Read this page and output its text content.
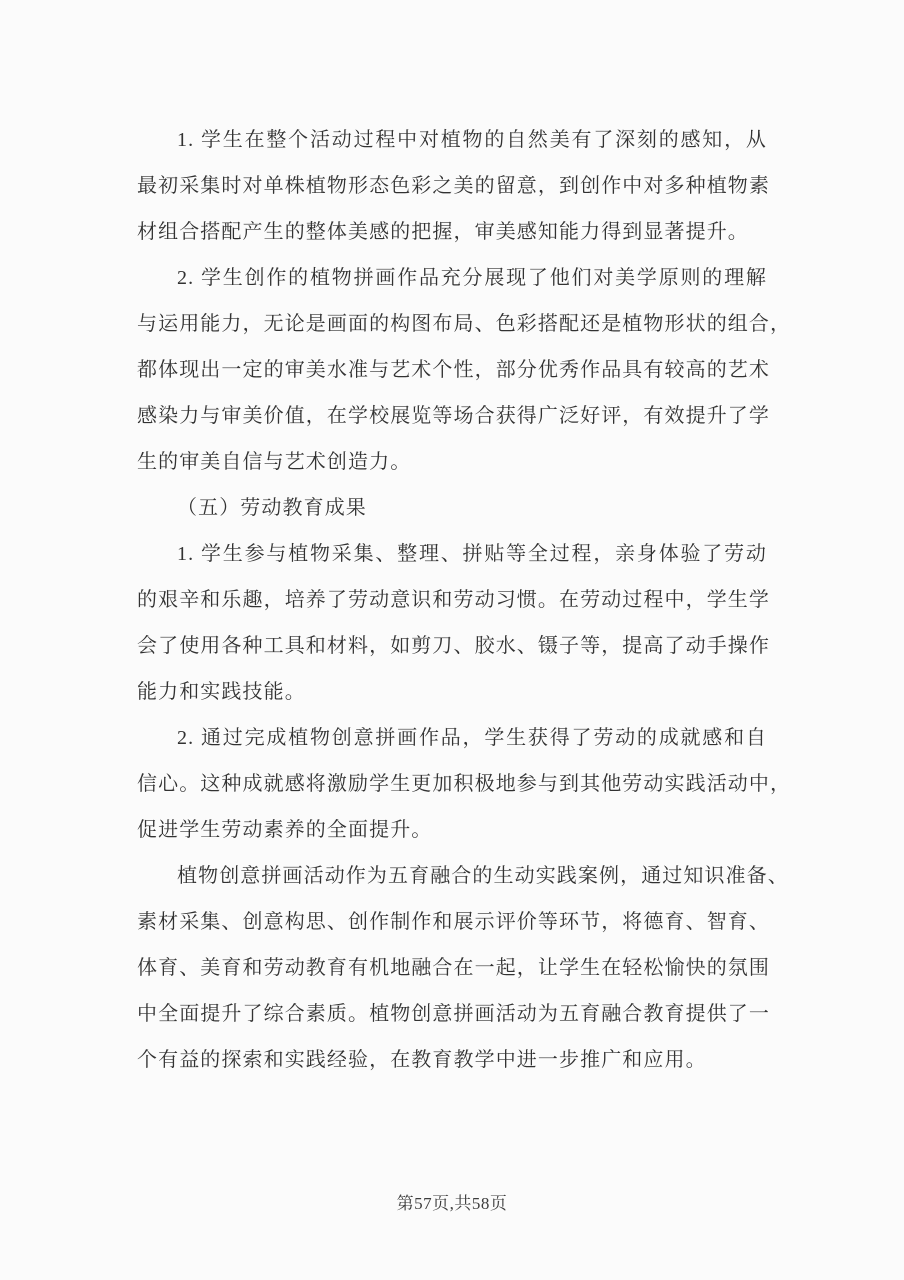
1. 学生在整个活动过程中对植物的自然美有了深刻的感知，从
最初采集时对单株植物形态色彩之美的留意，到创作中对多种植物素
材组合搭配产生的整体美感的把握，审美感知能力得到显著提升。
2. 学生创作的植物拼画作品充分展现了他们对美学原则的理解
与运用能力，无论是画面的构图布局、色彩搭配还是植物形状的组合，
都体现出一定的审美水准与艺术个性，部分优秀作品具有较高的艺术
感染力与审美价值，在学校展览等场合获得广泛好评，有效提升了学
生的审美自信与艺术创造力。
（五）劳动教育成果
1. 学生参与植物采集、整理、拼贴等全过程，亲身体验了劳动
的艰辛和乐趣，培养了劳动意识和劳动习惯。在劳动过程中，学生学
会了使用各种工具和材料，如剪刀、胶水、镊子等，提高了动手操作
能力和实践技能。
2. 通过完成植物创意拼画作品，学生获得了劳动的成就感和自
信心。这种成就感将激励学生更加积极地参与到其他劳动实践活动中，
促进学生劳动素养的全面提升。
植物创意拼画活动作为五育融合的生动实践案例，通过知识准备、
素材采集、创意构思、创作制作和展示评价等环节，将德育、智育、
体育、美育和劳动教育有机地融合在一起，让学生在轻松愉快的氛围
中全面提升了综合素质。植物创意拼画活动为五育融合教育提供了一
个有益的探索和实践经验，在教育教学中进一步推广和应用。
第57页,共58页
